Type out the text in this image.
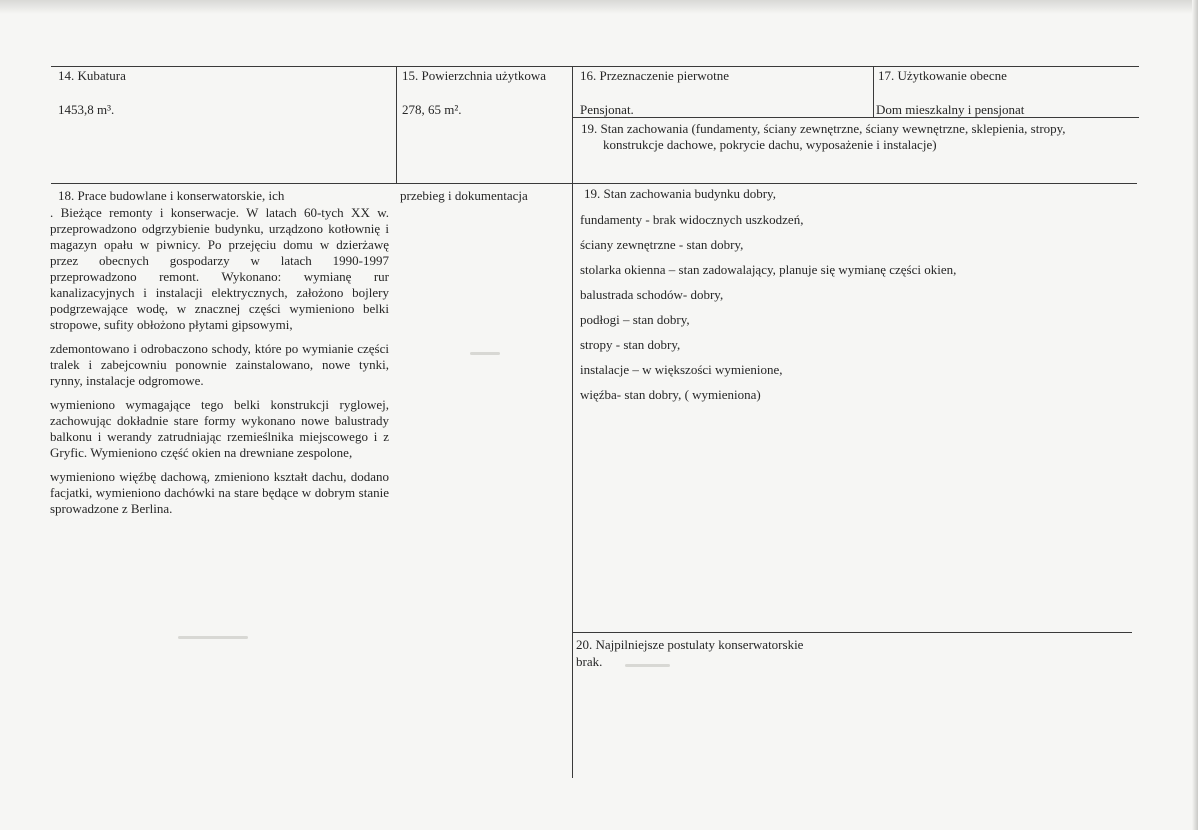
14. Kubatura
1453,8 m³.
15. Powierzchnia użytkowa
278, 65 m².
16. Przeznaczenie pierwotne
Pensjonat.
17. Użytkowanie obecne
Dom mieszkalny i pensjonat
19. Stan zachowania (fundamenty, ściany zewnętrzne, ściany wewnętrzne, sklepienia, stropy,
konstrukcje dachowe, pokrycie dachu, wyposażenie i instalacje)
18. Prace budowlane i konserwatorskie, ich	przebieg i dokumentacja

. Bieżące remonty i konserwacje. W latach 60-tych XX w. przeprowadzono odgrzybienie budynku, urządzono kotłownię i magazyn opału w piwnicy. Po przejęciu domu w dzierżawę przez obecnych gospodarzy w latach 1990-1997 przeprowadzono remont. Wykonano: wymianę rur kanalizacyjnych i instalacji elektrycznych, założono bojlery podgrzewające wodę, w znacznej części wymieniono belki stropowe, sufity obłożono płytami gipsowymi,

zdemontowano i odrobaczono schody, które po wymianie części tralek i zabejcowniu ponownie zainstalowano, nowe tynki, rynny, instalacje odgromowe.

wymieniono wymagające tego belki konstrukcji ryglowej, zachowując dokładnie stare formy wykonano nowe balustrady balkonu i werandy zatrudniając rzemieślnika miejscowego i z Gryfic. Wymieniono część okien na drewniane zespolone,

wymieniono więźbę dachową, zmieniono kształt dachu, dodano facjatki, wymieniono dachówki na stare będące w dobrym stanie sprowadzone z Berlina.

19. Stan zachowania budynku dobry,
fundamenty - brak widocznych uszkodzeń,
ściany zewnętrzne - stan dobry,
stolarka okienna – stan zadowalający, planuje się wymianę części okien,
balustrada schodów- dobry,
podłogi – stan dobry,
stropy - stan dobry,
instalacje – w większości wymienione,
więźba- stan dobry, ( wymieniona)
20. Najpilniejsze postulaty konserwatorskie
brak.
